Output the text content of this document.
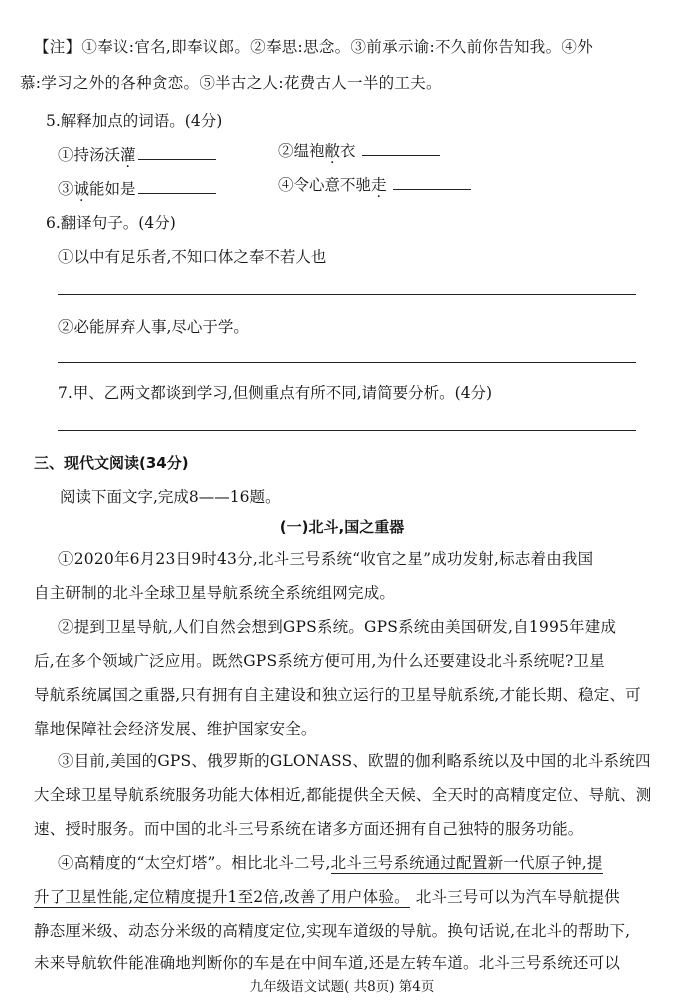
【注】①奉议:官名,即奉议郎。②奉思:思念。③前承示谕:不久前你告知我。④外
慕:学习之外的各种贪恋。⑤半古之人:花费古人一半的工夫。
5.解释加点的词语。(4分)
①持汤沃灌	②缊袍敝衣
③诚能如是	④令心意不驰走
6.翻译句子。(4分)
①以中有足乐者,不知口体之奉不若人也
②必能屏弃人事,尽心于学。
7.甲、乙两文都谈到学习,但侧重点有所不同,请简要分析。(4分)
三、现代文阅读(34分)
阅读下面文字,完成8——16题。
(一)北斗,国之重器
①2020年6月23日9时43分,北斗三号系统“收官之星”成功发射,标志着由我国
自主研制的北斗全球卫星导航系统全系统组网完成。
②提到卫星导航,人们自然会想到GPS系统。GPS系统由美国研发,自1995年建成
后,在多个领域广泛应用。既然GPS系统方便可用,为什么还要建设北斗系统呢?卫星
导航系统属国之重器,只有拥有自主建设和独立运行的卫星导航系统,才能长期、稳定、可
靠地保障社会经济发展、维护国家安全。
③目前,美国的GPS、俄罗斯的GLONASS、欧盟的伽利略系统以及中国的北斗系统四
大全球卫星导航系统服务功能大体相近,都能提供全天候、全天时的高精度定位、导航、测
速、授时服务。而中国的北斗三号系统在诸多方面还拥有自己独特的服务功能。
④高精度的“太空灯塔”。相比北斗二号,北斗三号系统通过配置新一代原子钟,提
升了卫星性能,定位精度提升1至2倍,改善了用户体验。 北斗三号可以为汽车导航提供
静态厘米级、动态分米级的高精度定位,实现车道级的导航。换句话说,在北斗的帮助下,
未来导航软件能准确地判断你的车是在中间车道,还是左转车道。北斗三号系统还可以
九年级语文试题( 共8页) 第4页
